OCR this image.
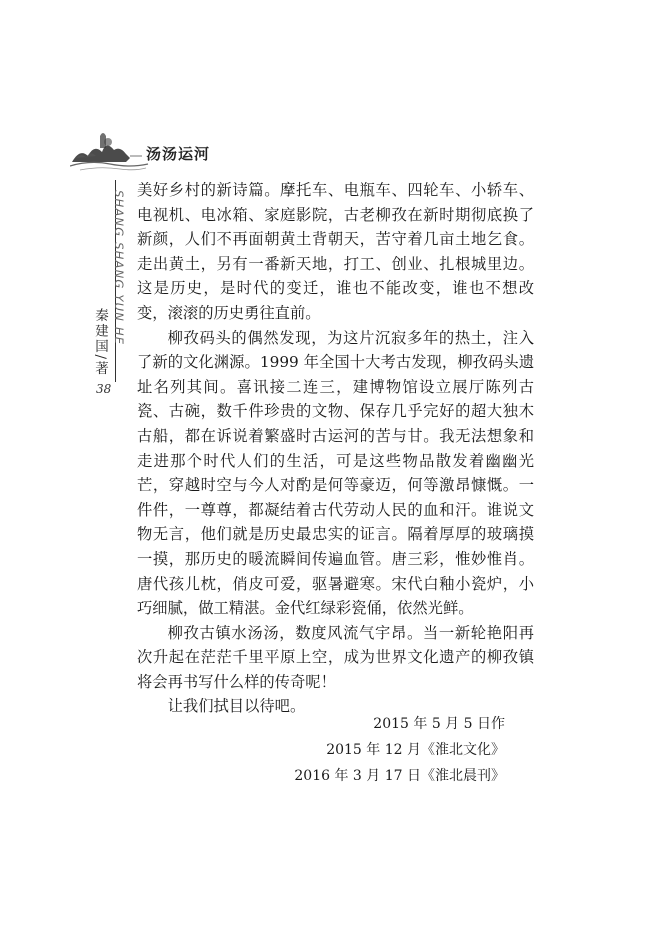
汤汤运河
SHANG SHANG YUN HE
秦建国/著
38

美好乡村的新诗篇。摩托车、电瓶车、四轮车、小轿车、电视机、电冰箱、家庭影院，古老柳孜在新时期彻底换了新颜，人们不再面朝黄土背朝天，苦守着几亩土地乞食。走出黄土，另有一番新天地，打工、创业、扎根城里边。这是历史，是时代的变迁，谁也不能改变，谁也不想改变，滚滚的历史勇往直前。

柳孜码头的偶然发现，为这片沉寂多年的热土，注入了新的文化渊源。1999 年全国十大考古发现，柳孜码头遗址名列其间。喜讯接二连三，建博物馆设立展厅陈列古瓷、古碗，数千件珍贵的文物、保存几乎完好的超大独木古船，都在诉说着繁盛时古运河的苦与甘。我无法想象和走进那个时代人们的生活，可是这些物品散发着幽幽光芒，穿越时空与今人对酌是何等豪迈，何等激昂慷慨。一件件，一尊尊，都凝结着古代劳动人民的血和汗。谁说文物无言，他们就是历史最忠实的证言。隔着厚厚的玻璃摸一摸，那历史的暖流瞬间传遍血管。唐三彩，惟妙惟肖。唐代孩儿枕，俏皮可爱，驱暑避寒。宋代白釉小瓷炉，小巧细腻，做工精湛。金代红绿彩瓷俑，依然光鲜。

柳孜古镇水汤汤，数度风流气宇昂。当一新轮艳阳再次升起在茫茫千里平原上空，成为世界文化遗产的柳孜镇将会再书写什么样的传奇呢！

让我们拭目以待吧。

2015 年 5 月 5 日作
2015 年 12 月《淮北文化》
2016 年 3 月 17 日《淮北晨刊》
